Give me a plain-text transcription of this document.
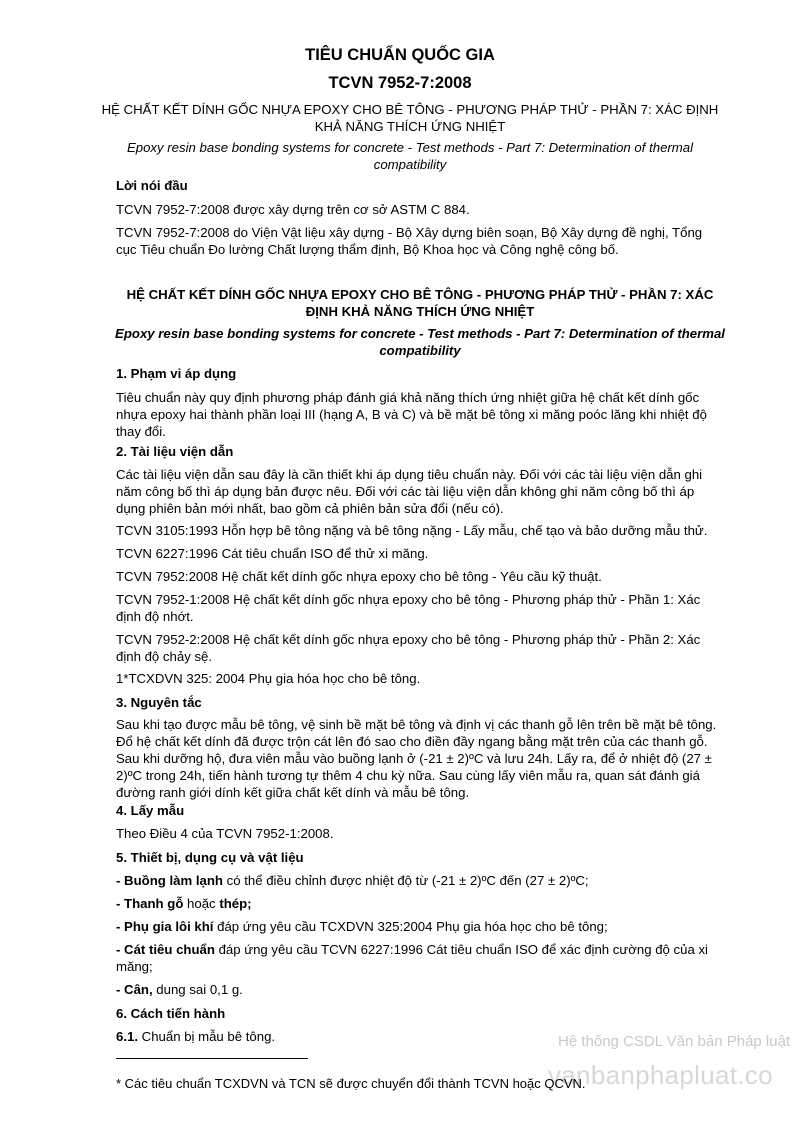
TIÊU CHUẨN QUỐC GIA
TCVN 7952-7:2008
HỆ CHẤT KẾT DÍNH GỐC NHỰA EPOXY CHO BÊ TÔNG - PHƯƠNG PHÁP THỬ - PHẦN 7: XÁC ĐỊNH KHẢ NĂNG THÍCH ỨNG NHIỆT
Epoxy resin base bonding systems for concrete - Test methods - Part 7: Determination of thermal compatibility
Lời nói đầu
TCVN 7952-7:2008 được xây dựng trên cơ sở ASTM C 884.
TCVN 7952-7:2008 do Viện Vật liệu xây dựng - Bộ Xây dựng biên soạn, Bộ Xây dựng đề nghị, Tổng cục Tiêu chuẩn Đo lường Chất lượng thẩm định, Bộ Khoa học và Công nghệ công bố.
HỆ CHẤT KẾT DÍNH GỐC NHỰA EPOXY CHO BÊ TÔNG - PHƯƠNG PHÁP THỬ - PHẦN 7: XÁC ĐỊNH KHẢ NĂNG THÍCH ỨNG NHIỆT
Epoxy resin base bonding systems for concrete - Test methods - Part 7: Determination of thermal compatibility
1. Phạm vi áp dụng
Tiêu chuẩn này quy định phương pháp đánh giá khả năng thích ứng nhiệt giữa hệ chất kết dính gốc nhựa epoxy hai thành phần loại III (hạng A, B và C) và bề mặt bê tông xi măng poóc lăng khi nhiệt độ thay đổi.
2. Tài liệu viện dẫn
Các tài liệu viện dẫn sau đây là cần thiết khi áp dụng tiêu chuẩn này. Đối với các tài liệu viện dẫn ghi năm công bố thì áp dụng bản được nêu. Đối với các tài liệu viện dẫn không ghi năm công bố thì áp dụng phiên bản mới nhất, bao gồm cả phiên bản sửa đổi (nếu có).
TCVN 3105:1993 Hỗn hợp bê tông nặng và bê tông nặng - Lấy mẫu, chế tạo và bảo dưỡng mẫu thử.
TCVN 6227:1996 Cát tiêu chuẩn ISO để thử xi măng.
TCVN 7952:2008 Hệ chất kết dính gốc nhựa epoxy cho bê tông - Yêu cầu kỹ thuật.
TCVN 7952-1:2008 Hệ chất kết dính gốc nhựa epoxy cho bê tông - Phương pháp thử - Phần 1: Xác định độ nhớt.
TCVN 7952-2:2008 Hệ chất kết dính gốc nhựa epoxy cho bê tông - Phương pháp thử - Phần 2: Xác định độ chảy sệ.
1*TCXDVN 325: 2004 Phụ gia hóa học cho bê tông.
3. Nguyên tắc
Sau khi tạo được mẫu bê tông, vệ sinh bề mặt bê tông và định vị các thanh gỗ lên trên bề mặt bê tông. Đổ hệ chất kết dính đã được trộn cát lên đó sao cho điền đầy ngang bằng mặt trên của các thanh gỗ. Sau khi dưỡng hộ, đưa viên mẫu vào buồng lạnh ở (-21 ± 2)ºC và lưu 24h. Lấy ra, để ở nhiệt độ (27 ± 2)ºC trong 24h, tiến hành tương tự thêm 4 chu kỳ nữa. Sau cùng lấy viên mẫu ra, quan sát đánh giá đường ranh giới dính kết giữa chất kết dính và mẫu bê tông.
4. Lấy mẫu
Theo Điều 4 của TCVN 7952-1:2008.
5. Thiết bị, dụng cụ và vật liệu
- Buồng làm lạnh có thể điều chỉnh được nhiệt độ từ (-21 ± 2)ºC đến (27 ± 2)ºC;
- Thanh gỗ hoặc thép;
- Phụ gia lôi khí đáp ứng yêu cầu TCXDVN 325:2004 Phụ gia hóa học cho bê tông;
- Cát tiêu chuẩn đáp ứng yêu cầu TCVN 6227:1996 Cát tiêu chuẩn ISO để xác định cường độ của xi măng;
- Cân, dung sai 0,1 g.
6. Cách tiến hành
6.1. Chuẩn bị mẫu bê tông.	Hệ thống CSDL Văn bản Pháp luật
vanbanphapluat.co
* Các tiêu chuẩn TCXDVN và TCN sẽ được chuyển đổi thành TCVN hoặc QCVN.
